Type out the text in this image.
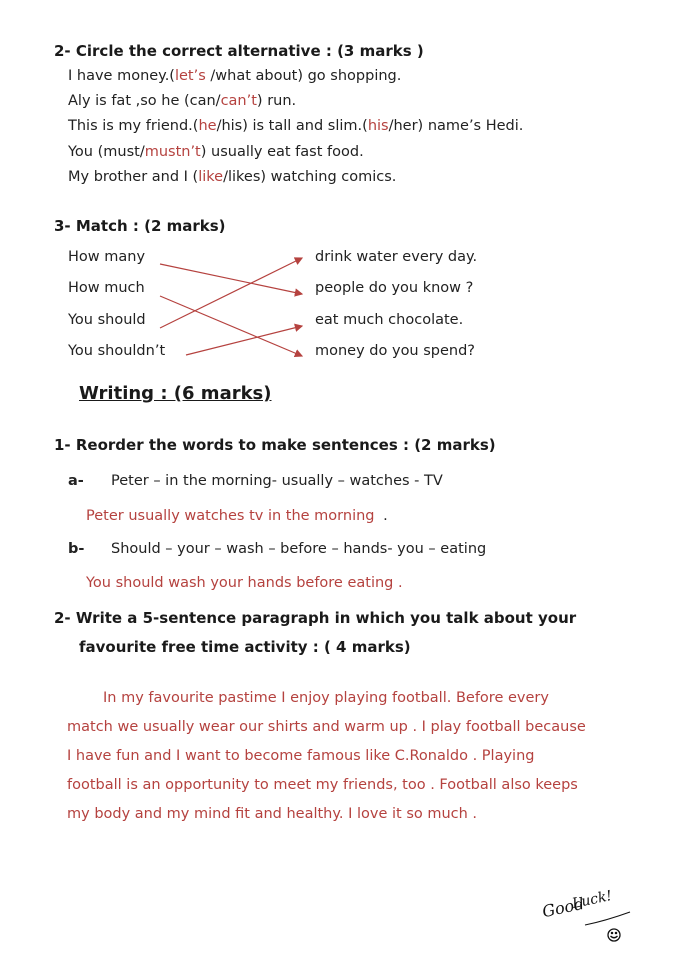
2- Circle the correct alternative : (3 marks )
I have money.(let’s /what about) go shopping.
Aly is fat ,so he (can/can’t) run.
This is my friend.(he/his) is tall and slim.(his/her) name’s Hedi.
You (must/mustn’t) usually eat fast food.
My brother and I (like/likes) watching comics.
3- Match : (2 marks)
How many
How much
You should
You shouldn’t
drink water every day.
people do you know ?
eat much chocolate.
money do you spend?
Writing : (6 marks)
1- Reorder the words to make sentences : (2 marks)
a- Peter – in the morning- usually – watches - TV
Peter usually watches tv in the morning .
b- Should – your – wash – before – hands- you – eating
You should wash your hands before eating .
2- Write a 5-sentence paragraph in which you talk about your
favourite free time activity : ( 4 marks)
In my favourite pastime I enjoy playing football. Before every
match we usually wear our shirts and warm up . I play football because
I have fun and I want to become famous like C.Ronaldo . Playing
football is an opportunity to meet my friends, too . Football also keeps
my body and my mind fit and healthy. I love it so much .
Good
Luck!
